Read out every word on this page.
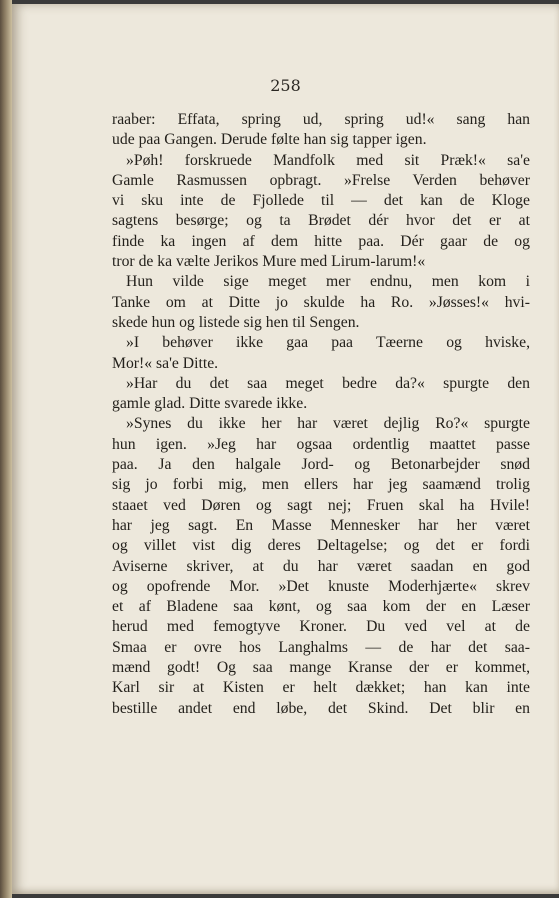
258
raaber: Effata, spring ud, spring ud!« sang han
ude paa Gangen. Derude følte han sig tapper igen.
»Pøh! forskruede Mandfolk med sit Præk!« sa'e
Gamle Rasmussen opbragt. »Frelse Verden behøver
vi sku inte de Fjollede til — det kan de Kloge
sagtens besørge; og ta Brødet dér hvor det er at
finde ka ingen af dem hitte paa. Dér gaar de og
tror de ka vælte Jerikos Mure med Lirum-larum!«
Hun vilde sige meget mer endnu, men kom i
Tanke om at Ditte jo skulde ha Ro. »Jøsses!« hvi-
skede hun og listede sig hen til Sengen.
»I behøver ikke gaa paa Tæerne og hviske,
Mor!« sa'e Ditte.
»Har du det saa meget bedre da?« spurgte den
gamle glad. Ditte svarede ikke.
»Synes du ikke her har været dejlig Ro?« spurgte
hun igen. »Jeg har ogsaa ordentlig maattet passe
paa. Ja den halgale Jord- og Betonarbejder snød
sig jo forbi mig, men ellers har jeg saamænd trolig
staaet ved Døren og sagt nej; Fruen skal ha Hvile!
har jeg sagt. En Masse Mennesker har her været
og villet vist dig deres Deltagelse; og det er fordi
Aviserne skriver, at du har været saadan en god
og opofrende Mor. »Det knuste Moderhjærte« skrev
et af Bladene saa kønt, og saa kom der en Læser
herud med femogtyve Kroner. Du ved vel at de
Smaa er ovre hos Langhalms — de har det saa-
mænd godt! Og saa mange Kranse der er kommet,
Karl sir at Kisten er helt dækket; han kan inte
bestille andet end løbe, det Skind. Det blir en
